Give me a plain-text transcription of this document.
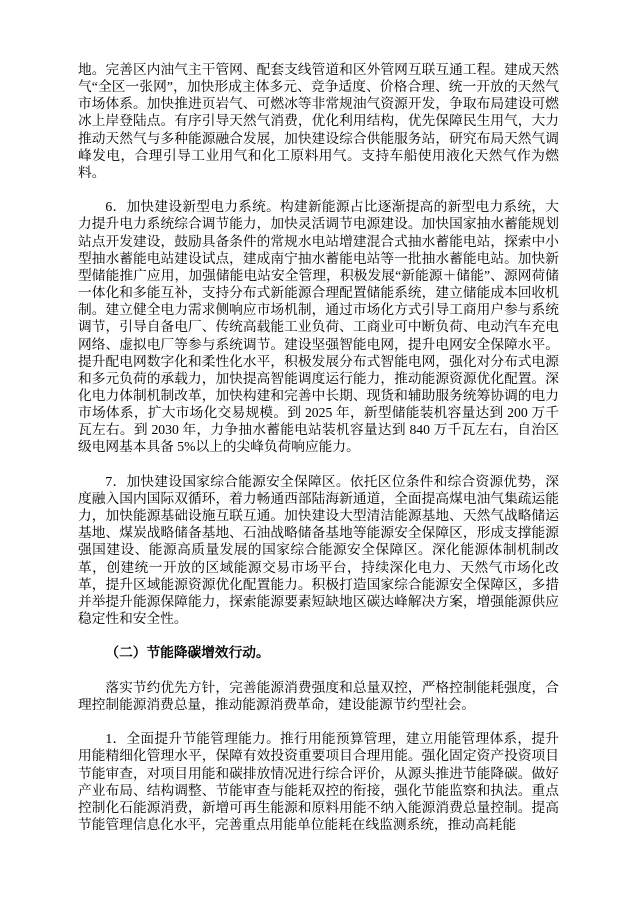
地。完善区内油气主干管网、配套支线管道和区外管网互联互通工程。建成天然气“全区一张网”，加快形成主体多元、竞争适度、价格合理、统一开放的天然气市场体系。加快推进页岩气、可燃冰等非常规油气资源开发，争取布局建设可燃冰上岸登陆点。有序引导天然气消费，优化利用结构，优先保障民生用气，大力推动天然气与多种能源融合发展，加快建设综合供能服务站，研究布局天然气调峰发电，合理引导工业用气和化工原料用气。支持车船使用液化天然气作为燃料。

6．加快建设新型电力系统。构建新能源占比逐渐提高的新型电力系统，大力提升电力系统综合调节能力，加快灵活调节电源建设。加快国家抽水蓄能规划站点开发建设，鼓励具备条件的常规水电站增建混合式抽水蓄能电站，探索中小型抽水蓄能电站建设试点，建成南宁抽水蓄能电站等一批抽水蓄能电站。加快新型储能推广应用，加强储能电站安全管理，积极发展“新能源＋储能”、源网荷储一体化和多能互补，支持分布式新能源合理配置储能系统，建立储能成本回收机制。建立健全电力需求侧响应市场机制，通过市场化方式引导工商用户参与系统调节，引导自备电厂、传统高载能工业负荷、工商业可中断负荷、电动汽车充电网络、虚拟电厂等参与系统调节。建设坚强智能电网，提升电网安全保障水平。提升配电网数字化和柔性化水平，积极发展分布式智能电网，强化对分布式电源和多元负荷的承载力，加快提高智能调度运行能力，推动能源资源优化配置。深化电力体制机制改革，加快构建和完善中长期、现货和辅助服务统筹协调的电力市场体系，扩大市场化交易规模。到 2025 年，新型储能装机容量达到 200 万千瓦左右。到 2030 年，力争抽水蓄能电站装机容量达到 840 万千瓦左右，自治区级电网基本具备 5%以上的尖峰负荷响应能力。

7．加快建设国家综合能源安全保障区。依托区位条件和综合资源优势，深度融入国内国际双循环，着力畅通西部陆海新通道，全面提高煤电油气集疏运能力，加快能源基础设施互联互通。加快建设大型清洁能源基地、天然气战略储运基地、煤炭战略储备基地、石油战略储备基地等能源安全保障区，形成支撑能源强国建设、能源高质量发展的国家综合能源安全保障区。深化能源体制机制改革，创建统一开放的区域能源交易市场平台，持续深化电力、天然气市场化改革，提升区域能源资源优化配置能力。积极打造国家综合能源安全保障区，多措并举提升能源保障能力，探索能源要素短缺地区碳达峰解决方案，增强能源供应稳定性和安全性。

（二）节能降碳增效行动。

落实节约优先方针，完善能源消费强度和总量双控，严格控制能耗强度，合理控制能源消费总量，推动能源消费革命，建设能源节约型社会。

1．全面提升节能管理能力。推行用能预算管理，建立用能管理体系，提升用能精细化管理水平，保障有效投资重要项目合理用能。强化固定资产投资项目节能审查，对项目用能和碳排放情况进行综合评价，从源头推进节能降碳。做好产业布局、结构调整、节能审查与能耗双控的衔接，强化节能监察和执法。重点控制化石能源消费，新增可再生能源和原料用能不纳入能源消费总量控制。提高节能管理信息化水平，完善重点用能单位能耗在线监测系统，推动高耗能
